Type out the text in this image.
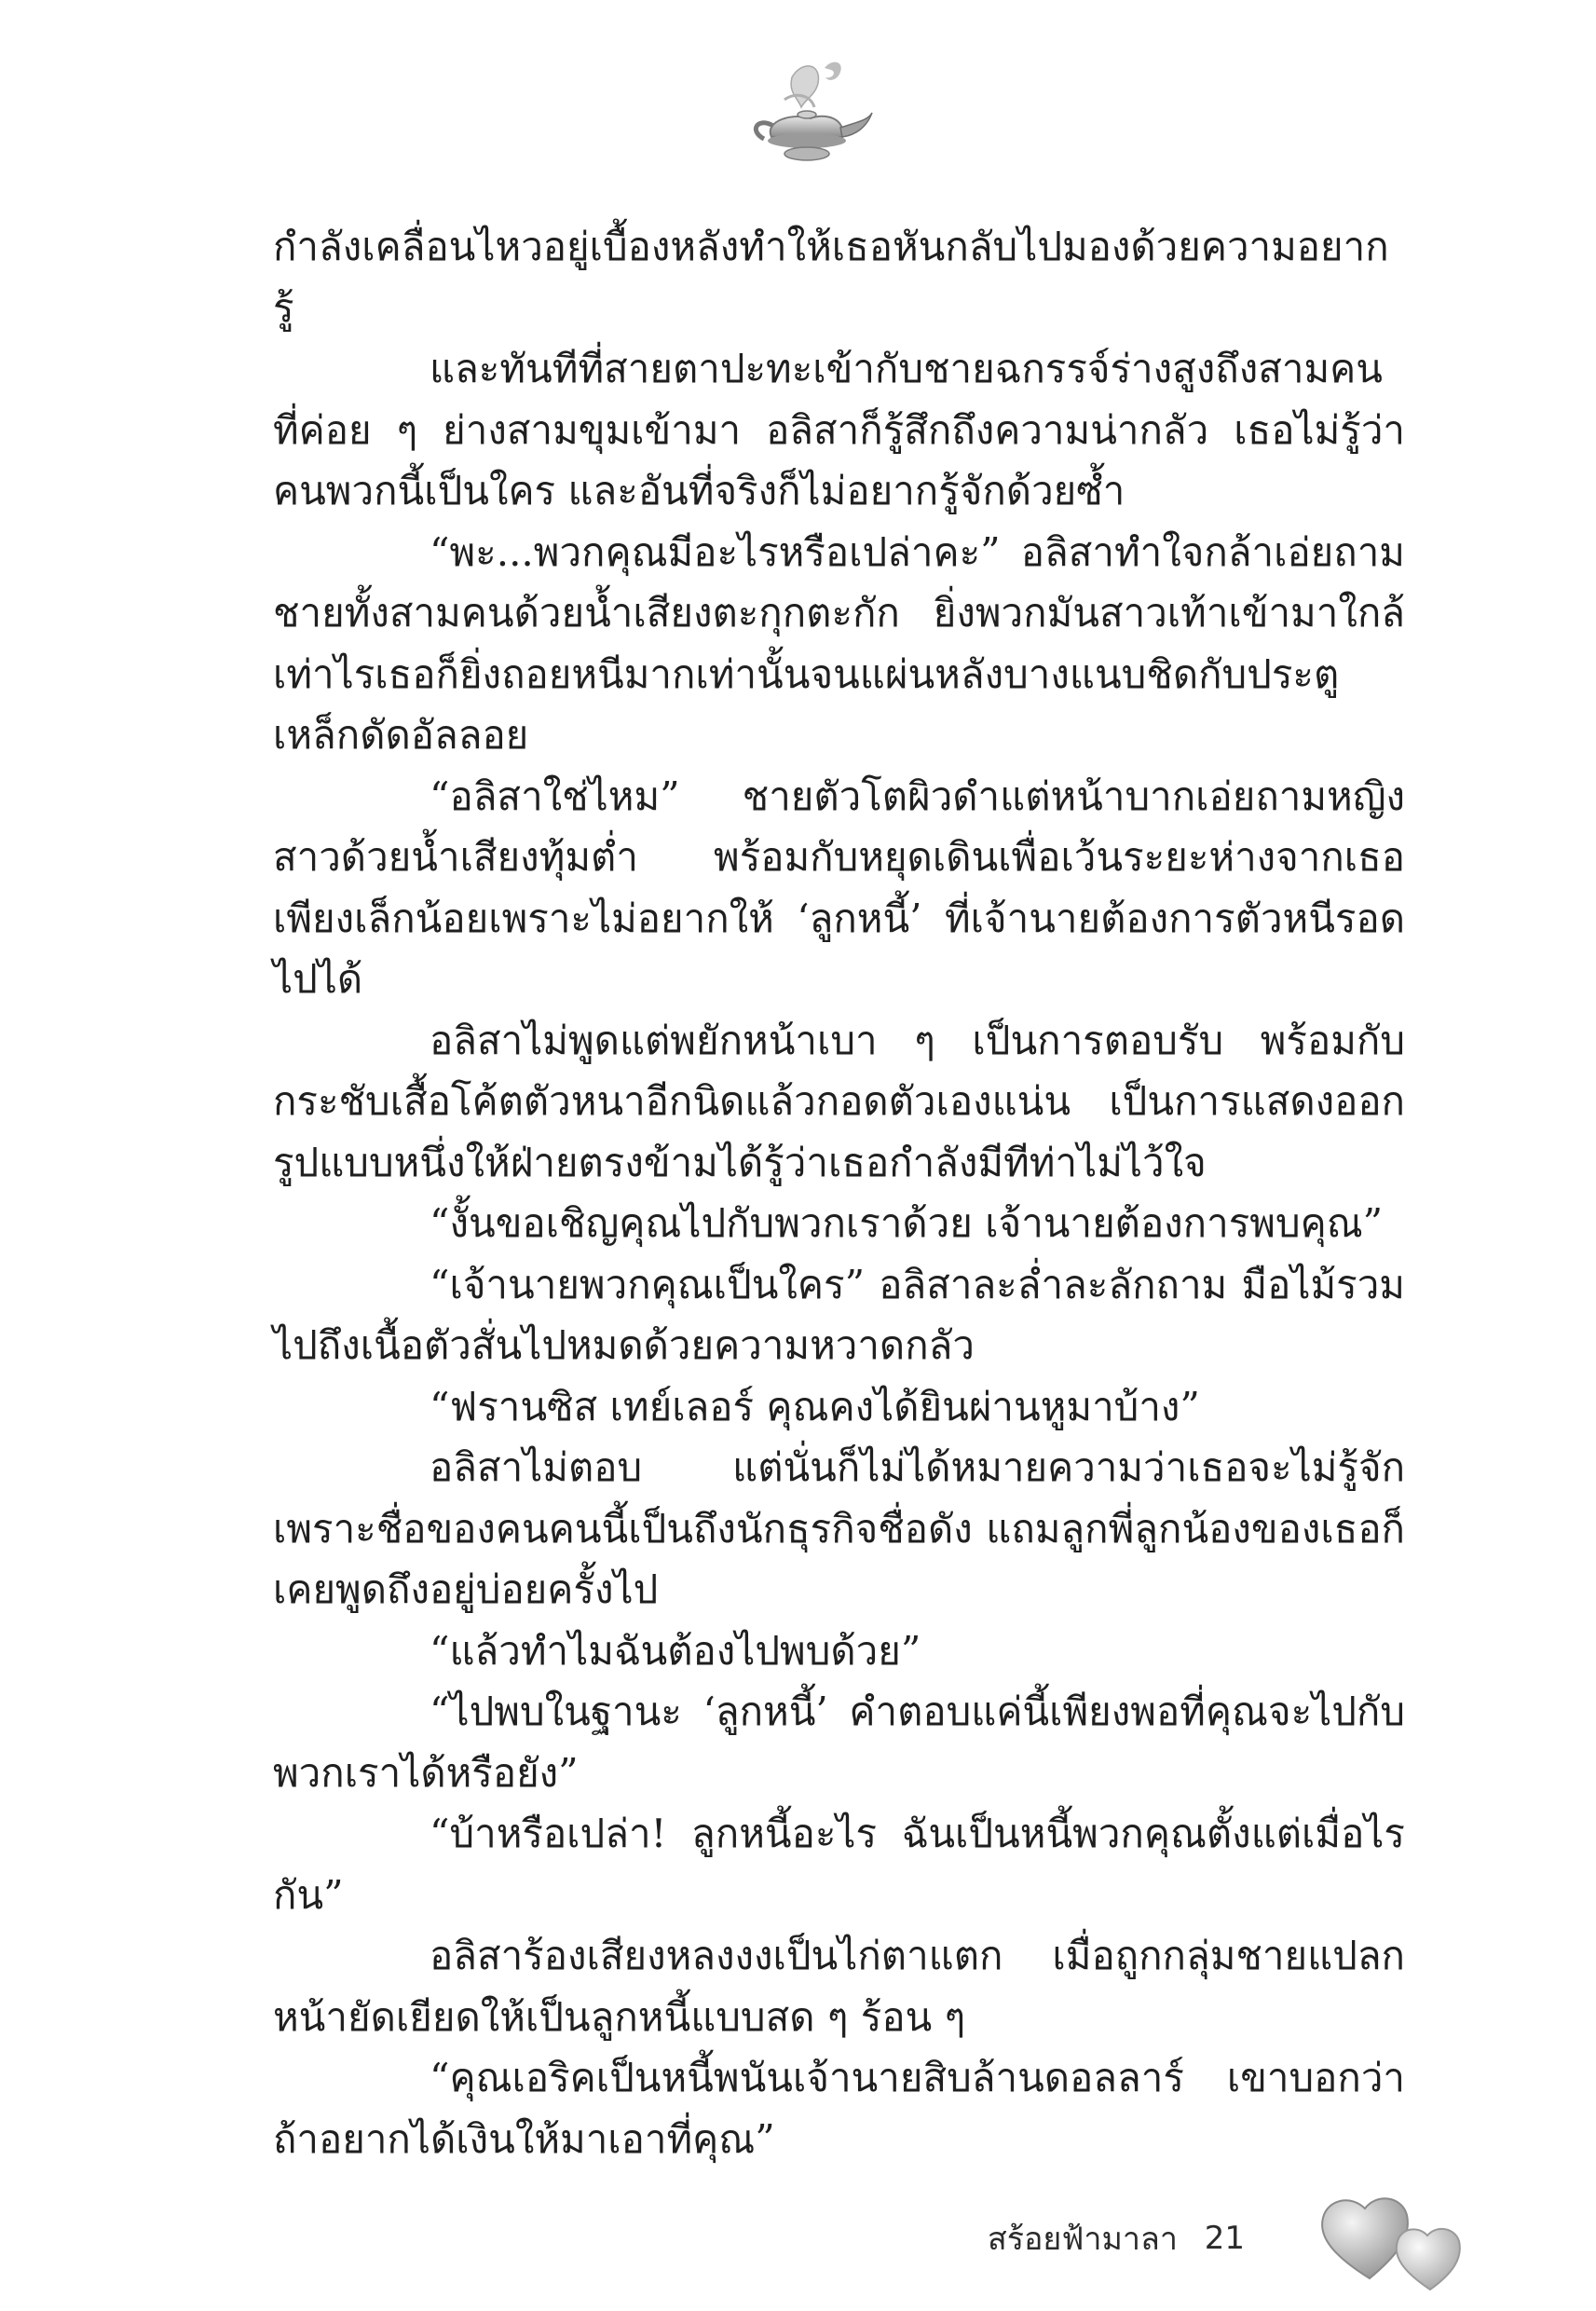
กำลังเคลื่อนไหวอยู่เบื้องหลังทำให้เธอหันกลับไปมองด้วยความอยากรู้

และทันทีที่สายตาปะทะเข้ากับชายฉกรรจ์ร่างสูงถึงสามคนที่ค่อย ๆ ย่างสามขุมเข้ามา อลิสาก็รู้สึกถึงความน่ากลัว เธอไม่รู้ว่าคนพวกนี้เป็นใคร และอันที่จริงก็ไม่อยากรู้จักด้วยซ้ำ

“พะ...พวกคุณมีอะไรหรือเปล่าคะ” อลิสาทำใจกล้าเอ่ยถามชายทั้งสามคนด้วยน้ำเสียงตะกุกตะกัก ยิ่งพวกมันสาวเท้าเข้ามาใกล้เท่าไรเธอก็ยิ่งถอยหนีมากเท่านั้นจนแผ่นหลังบางแนบชิดกับประตูเหล็กดัดอัลลอย

“อลิสาใช่ไหม” ชายตัวโตผิวดำแต่หน้าบากเอ่ยถามหญิงสาวด้วยน้ำเสียงทุ้มต่ำ พร้อมกับหยุดเดินเพื่อเว้นระยะห่างจากเธอเพียงเล็กน้อยเพราะไม่อยากให้ ‘ลูกหนี้’ ที่เจ้านายต้องการตัวหนีรอดไปได้

อลิสาไม่พูดแต่พยักหน้าเบา ๆ เป็นการตอบรับ พร้อมกับกระชับเสื้อโค้ตตัวหนาอีกนิดแล้วกอดตัวเองแน่น เป็นการแสดงออกรูปแบบหนึ่งให้ฝ่ายตรงข้ามได้รู้ว่าเธอกำลังมีทีท่าไม่ไว้ใจ

“งั้นขอเชิญคุณไปกับพวกเราด้วย เจ้านายต้องการพบคุณ”

“เจ้านายพวกคุณเป็นใคร” อลิสาละล่ำละลักถาม มือไม้รวมไปถึงเนื้อตัวสั่นไปหมดด้วยความหวาดกลัว

“ฟรานซิส เทย์เลอร์ คุณคงได้ยินผ่านหูมาบ้าง”

อลิสาไม่ตอบ แต่นั่นก็ไม่ได้หมายความว่าเธอจะไม่รู้จัก เพราะชื่อของคนคนนี้เป็นถึงนักธุรกิจชื่อดัง แถมลูกพี่ลูกน้องของเธอก็เคยพูดถึงอยู่บ่อยครั้งไป

“แล้วทำไมฉันต้องไปพบด้วย”

“ไปพบในฐานะ ‘ลูกหนี้’ คำตอบแค่นี้เพียงพอที่คุณจะไปกับพวกเราได้หรือยัง”

“บ้าหรือเปล่า! ลูกหนี้อะไร ฉันเป็นหนี้พวกคุณตั้งแต่เมื่อไรกัน”

อลิสาร้องเสียงหลงงงเป็นไก่ตาแตก เมื่อถูกกลุ่มชายแปลกหน้ายัดเยียดให้เป็นลูกหนี้แบบสด ๆ ร้อน ๆ

“คุณเอริคเป็นหนี้พนันเจ้านายสิบล้านดอลลาร์ เขาบอกว่าถ้าอยากได้เงินให้มาเอาที่คุณ”

สร้อยฟ้ามาลา 21
